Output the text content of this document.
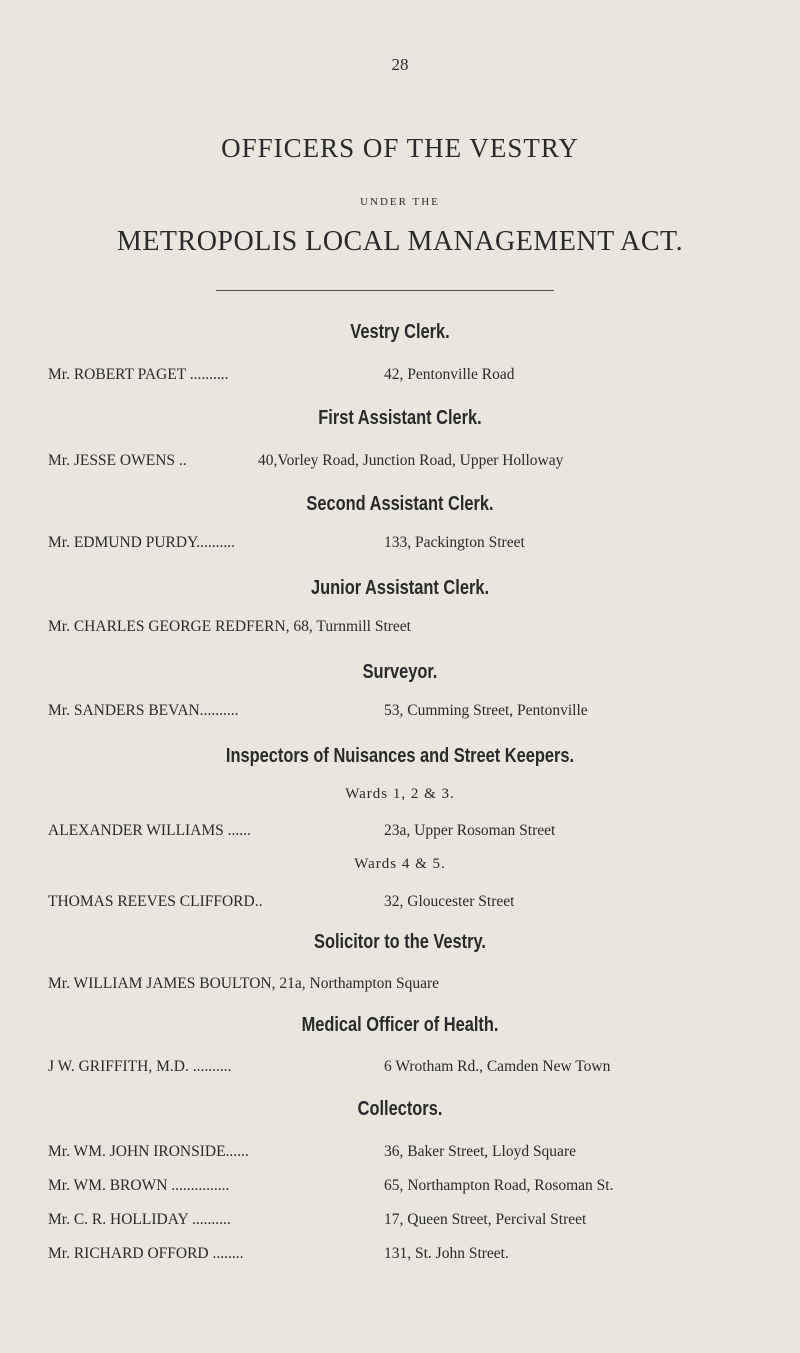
28
OFFICERS OF THE VESTRY
UNDER THE
METROPOLIS LOCAL MANAGEMENT ACT.
Vestry Clerk.
Mr. ROBERT PAGET ..........	42, Pentonville Road
First Assistant Clerk.
Mr. JESSE OWENS ..	40,Vorley Road, Junction Road, Upper Holloway
Second Assistant Clerk.
Mr. EDMUND PURDY..........	133, Packington Street
Junior Assistant Clerk.
Mr. CHARLES GEORGE REDFERN, 68, Turnmill Street
Surveyor.
Mr. SANDERS BEVAN..........	53, Cumming Street, Pentonville
Inspectors of Nuisances and Street Keepers.
Wards 1, 2 & 3.
ALEXANDER WILLIAMS ......	23a, Upper Rosoman Street
Wards 4 & 5.
THOMAS REEVES CLIFFORD..	32, Gloucester Street
Solicitor to the Vestry.
Mr. WILLIAM JAMES BOULTON, 21a, Northampton Square
Medical Officer of Health.
J W. GRIFFITH, M.D. ..........	6 Wrotham Rd., Camden New Town
Collectors.
Mr. WM. JOHN IRONSIDE......	36, Baker Street, Lloyd Square
Mr. WM. BROWN ...............	65, Northampton Road, Rosoman St.
Mr. C. R. HOLLIDAY ..........	17, Queen Street, Percival Street
Mr. RICHARD OFFORD ........	131, St. John Street.
